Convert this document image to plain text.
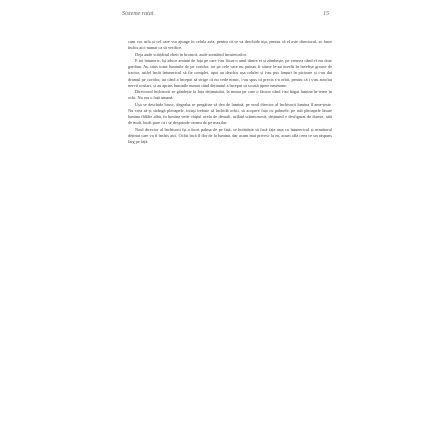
Sisteme ratat	15

cum vor urla și cel care vor ajunge în celula asta, pentru că se va deschide ușa, pentru că el este directorul, se lasse închis aici numai ca să verifice.

Deja aude scârțâitul cheii în broască, aude zornăitul încuietorilor.

E tot întuneric, își aduce aminte de fața pe care i-au făcut-o unul dintre ei și zâmbește, pe vremea când el era doar gardian. Au stins toate luminile de pe coridor, iar pe cele care nu puteau fi stinse le-au învelit în învelișe groase de tractor, astfel încât întunericul să fie complet, apoi au deschis ușa celulei și i-au pus lanțuri în picioare și i-au dat drumul pe coridor, iar când a început să strige că nu vede nimic, i-au spus că precis s-a orbit, pentru că i s-au atrofiat nervii oculari, și au aprins luminile numai când deținutul a început să scoată țipete neumane.

Directorul închisorii se gândește la fața deținutului, la mutra pe care o făcuse când i-au băgat lumina în-terne în ochi. Nu era o față umană.

Ușa se deschide brusc, degeaba se pregătise să dea de lumină, pe noul director al închisorii lumina îl ame-țește. Nu vrea să-și strângă pleoapele, totuși trebuie să închidă ochii, să acopere fața cu palmele, pe sub pleoapele lăsate lumina fâlfâie albă, în lumina vede chipul acela de demult, urlând schimonosit, deținutul e desfigurat de durere, atât de mult, încât pare că i se desprinde carnea de pe maxilar.

Noul director al închisorii își a încet palma de pe față, se hotărăște să facă fața asta cu întunericul și următorul deținut care va fi închis aici. Ochii încă îl dor de la lumină, dar acum mai privesc la ea, acum află ceea ce un răspuns larg pe față.
